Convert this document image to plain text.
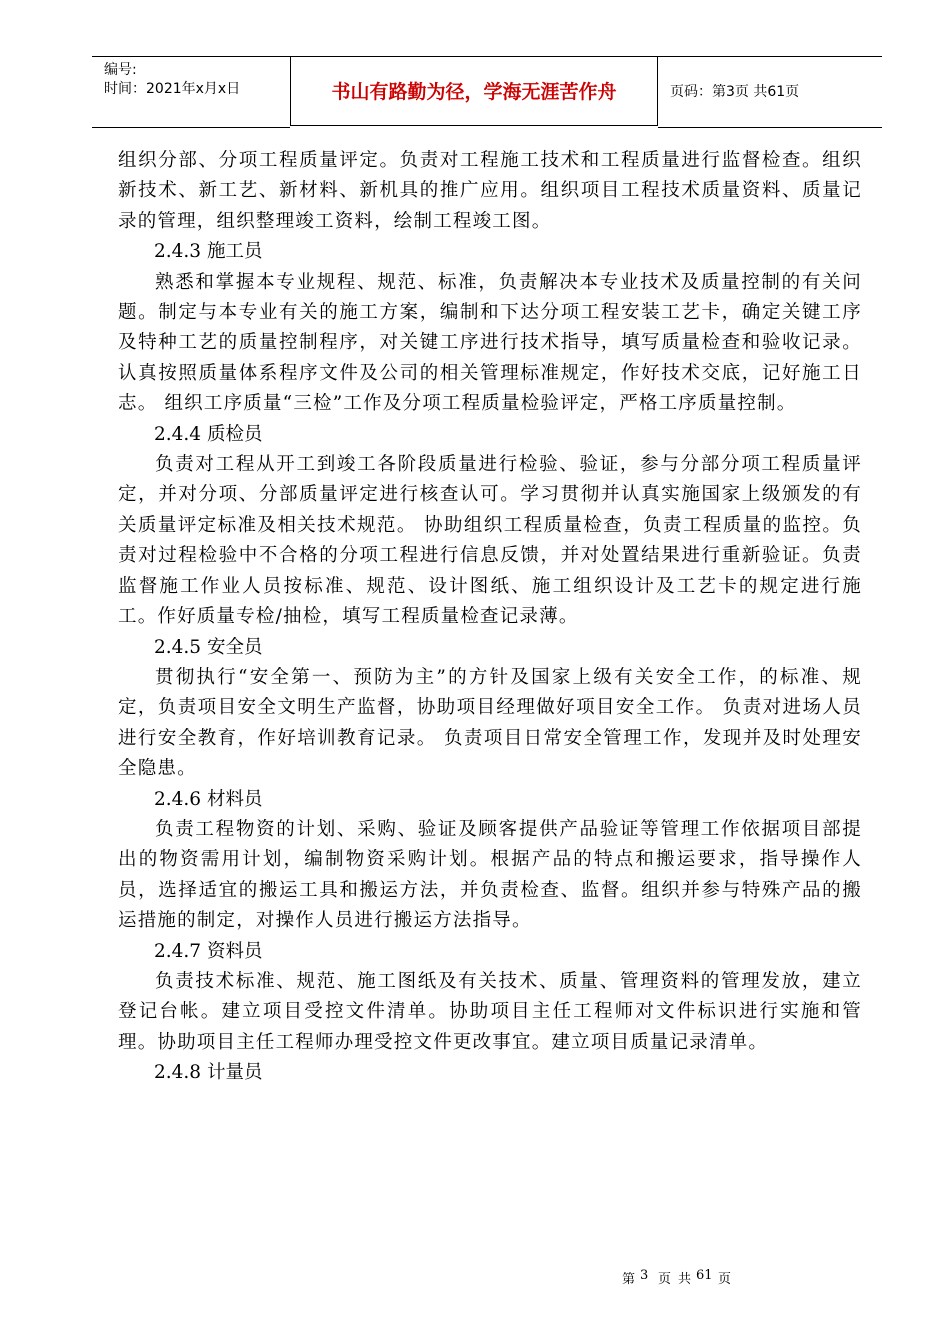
编号:
时间：2021年x月x日	书山有路勤为径，学海无涯苦作舟	页码：第3页 共61页

组织分部、分项工程质量评定。负责对工程施工技术和工程质量进行监督检查。组织新技术、新工艺、新材料、新机具的推广应用。组织项目工程技术质量资料、质量记录的管理，组织整理竣工资料，绘制工程竣工图。

2.4.3 施工员

熟悉和掌握本专业规程、规范、标准，负责解决本专业技术及质量控制的有关问题。制定与本专业有关的施工方案，编制和下达分项工程安装工艺卡，确定关键工序及特种工艺的质量控制程序，对关键工序进行技术指导，填写质量检查和验收记录。认真按照质量体系程序文件及公司的相关管理标准规定，作好技术交底，记好施工日志。 组织工序质量“三检”工作及分项工程质量检验评定，严格工序质量控制。

2.4.4 质检员

负责对工程从开工到竣工各阶段质量进行检验、验证，参与分部分项工程质量评定，并对分项、分部质量评定进行核查认可。学习贯彻并认真实施国家上级颁发的有关质量评定标准及相关技术规范。 协助组织工程质量检查，负责工程质量的监控。负责对过程检验中不合格的分项工程进行信息反馈，并对处置结果进行重新验证。负责监督施工作业人员按标准、规范、设计图纸、施工组织设计及工艺卡的规定进行施工。作好质量专检/抽检，填写工程质量检查记录薄。

2.4.5 安全员

贯彻执行“安全第一、预防为主”的方针及国家上级有关安全工作，的标准、规定，负责项目安全文明生产监督，协助项目经理做好项目安全工作。 负责对进场人员进行安全教育，作好培训教育记录。 负责项目日常安全管理工作，发现并及时处理安全隐患。

2.4.6 材料员

负责工程物资的计划、采购、验证及顾客提供产品验证等管理工作依据项目部提出的物资需用计划，编制物资采购计划。根据产品的特点和搬运要求，指导操作人员，选择适宜的搬运工具和搬运方法，并负责检查、监督。组织并参与特殊产品的搬运措施的制定，对操作人员进行搬运方法指导。

2.4.7 资料员

负责技术标准、规范、施工图纸及有关技术、质量、管理资料的管理发放，建立登记台帐。建立项目受控文件清单。协助项目主任工程师对文件标识进行实施和管理。协助项目主任工程师办理受控文件更改事宜。建立项目质量记录清单。

2.4.8 计量员

第 3 页 共 61 页
